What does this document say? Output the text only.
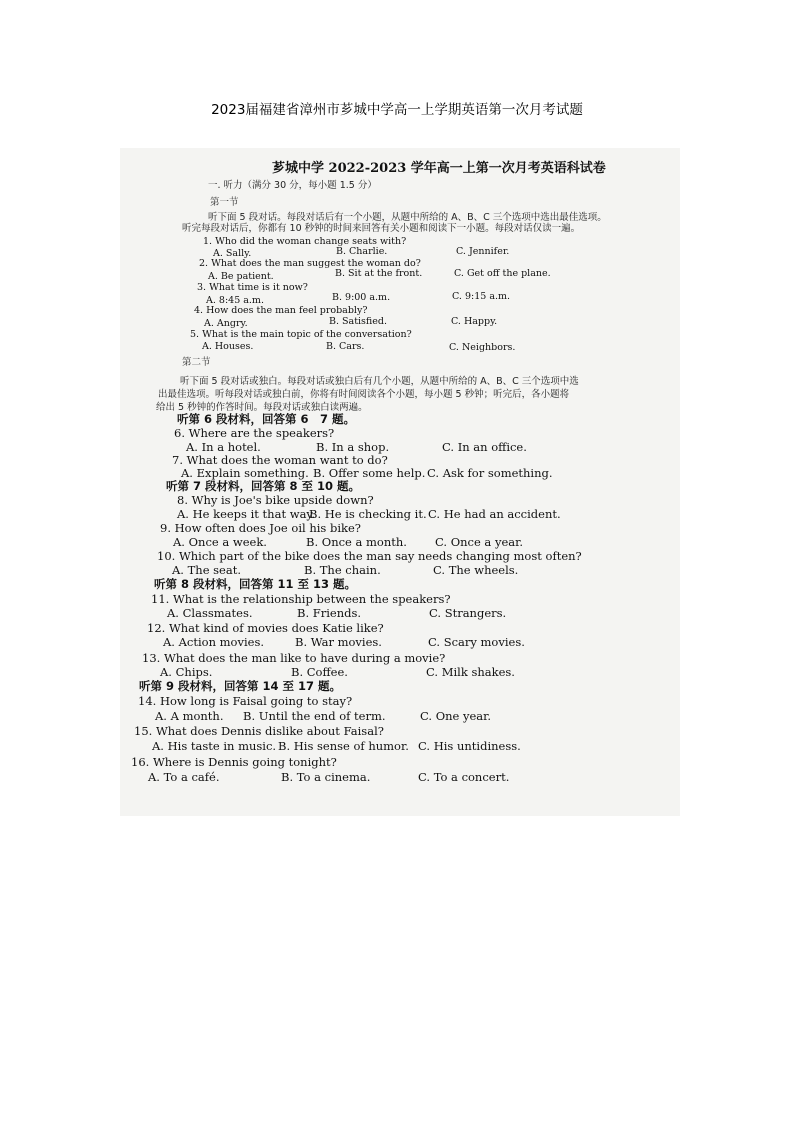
2023届福建省漳州市芗城中学高一上学期英语第一次月考试题
芗城中学 2022-2023 学年高一上第一次月考英语科试卷
一. 听力（满分 30 分，每小题 1.5 分）
第一节
听下面 5 段对话。每段对话后有一个小题，从题中所给的 A、B、C 三个选项中选出最佳选项。
听完每段对话后，你都有 10 秒钟的时间来回答有关小题和阅读下一小题。每段对话仅读一遍。
1. Who did the woman change seats with?
A. Sally.	B. Charlie.	C. Jennifer.
2. What does the man suggest the woman do?
A. Be patient.	B. Sit at the front.	C. Get off the plane.
3. What time is it now?
A. 8:45 a.m.	B. 9:00 a.m.	C. 9:15 a.m.
4. How does the man feel probably?
A. Angry.	B. Satisfied.	C. Happy.
5. What is the main topic of the conversation?
A. Houses.	B. Cars.	C. Neighbors.
第二节
听下面 5 段对话或独白。每段对话或独白后有几个小题，从题中所给的 A、B、C 三个选项中选
出最佳选项。听每段对话或独白前，你将有时间阅读各个小题，每小题 5 秒钟；听完后，各小题将
给出 5 秒钟的作答时间。每段对话或独白读两遍。
听第 6 段材料，回答第 6　7 题。
6. Where are the speakers?
A. In a hotel.	B. In a shop.	C. In an office.
7. What does the woman want to do?
A. Explain something. B. Offer some help. C. Ask for something.
听第 7 段材料，回答第 8 至 10 题。
8. Why is Joe's bike upside down?
A. He keeps it that way.
B. He is checking it. C. He had an accident.
9. How often does Joe oil his bike?
A. Once a week.	B. Once a month. C. Once a year.
10. Which part of the bike does the man say needs changing most often?
A. The seat.	B. The chain.	C. The wheels.
听第 8 段材料，回答第 11 至 13 题。
11. What is the relationship between the speakers?
A. Classmates.	B. Friends.	C. Strangers.
12. What kind of movies does Katie like?
A. Action movies.	B. War movies.	C. Scary movies.
13. What does the man like to have during a movie?
A. Chips.	B. Coffee.	C. Milk shakes.
听第 9 段材料，回答第 14 至 17 题。
14. How long is Faisal going to stay?
A. A month. B. Until the end of term.	C. One year.
15. What does Dennis dislike about Faisal?
A. His taste in music. B. His sense of humor. C. His untidiness.
16. Where is Dennis going tonight?
A. To a café.	B. To a cinema.	C. To a concert.
